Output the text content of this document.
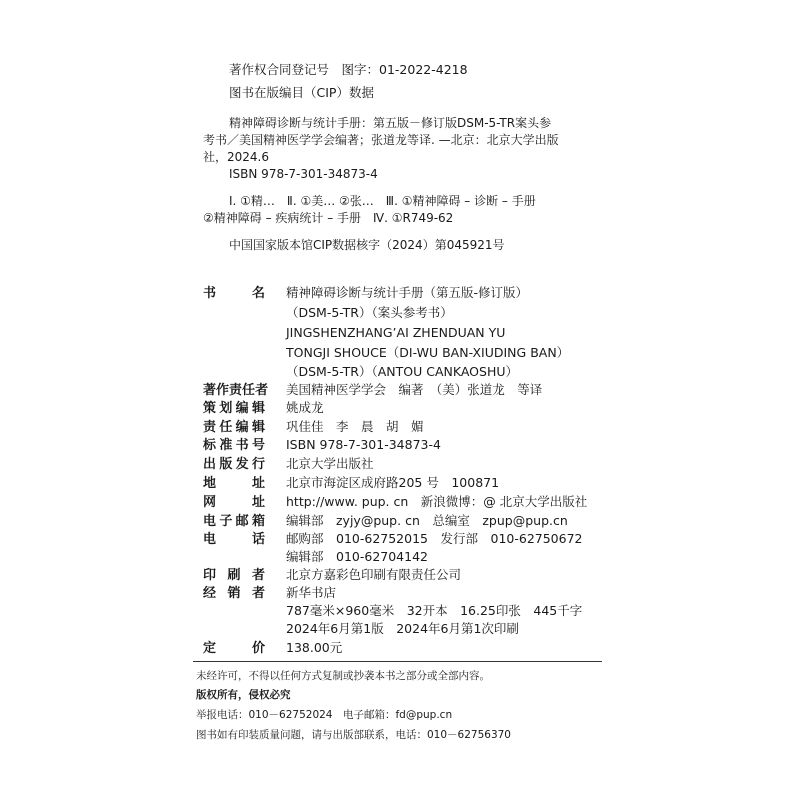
著作权合同登记号　图字：01-2022-4218
图书在版编目（CIP）数据
精神障碍诊断与统计手册：第五版－修订版DSM-5-TR案头参
考书／美国精神医学学会编著；张道龙等译. —北京：北京大学出版
社，2024.6
ISBN 978-7-301-34873-4
Ⅰ. ①精…　Ⅱ. ①美… ②张…　Ⅲ. ①精神障碍 – 诊断 – 手册
②精神障碍 – 疾病统计 – 手册　Ⅳ. ①R749-62
中国国家版本馆CIP数据核字（2024）第045921号
书	名 精神障碍诊断与统计手册（第五版-修订版）
（DSM-5-TR）（案头参考书）
JINGSHENZHANG’AI ZHENDUAN YU
TONGJI SHOUCE（DI-WU BAN-XIUDING BAN）
（DSM-5-TR）（ANTOU CANKAOSHU）
著 作 责 任 者 美国精神医学学会　编著　（美）张道龙　等译
策 划 编 辑 姚成龙
责 任 编 辑 巩佳佳　李　晨　胡　媚
标 准 书 号 ISBN 978-7-301-34873-4
出 版 发 行 北京大学出版社
地	址 北京市海淀区成府路205 号　100871
网	址 http://www. pup. cn　新浪微博：@ 北京大学出版社
电 子 邮 箱 编辑部　zyjy@pup. cn　总编室　zpup@pup.cn
电	话 邮购部　010-62752015　发行部　010-62750672
编辑部　010-62704142
印 刷 者 北京方嘉彩色印刷有限责任公司
经 销 者 新华书店
787毫米×960毫米　32开本　16.25印张　445千字
2024年6月第1版　2024年6月第1次印刷
定	价 138.00元
未经许可，不得以任何方式复制或抄袭本书之部分或全部内容。
版权所有，侵权必究
举报电话：010－62752024　电子邮箱：fd@pup.cn
图书如有印装质量问题，请与出版部联系，电话：010－62756370
